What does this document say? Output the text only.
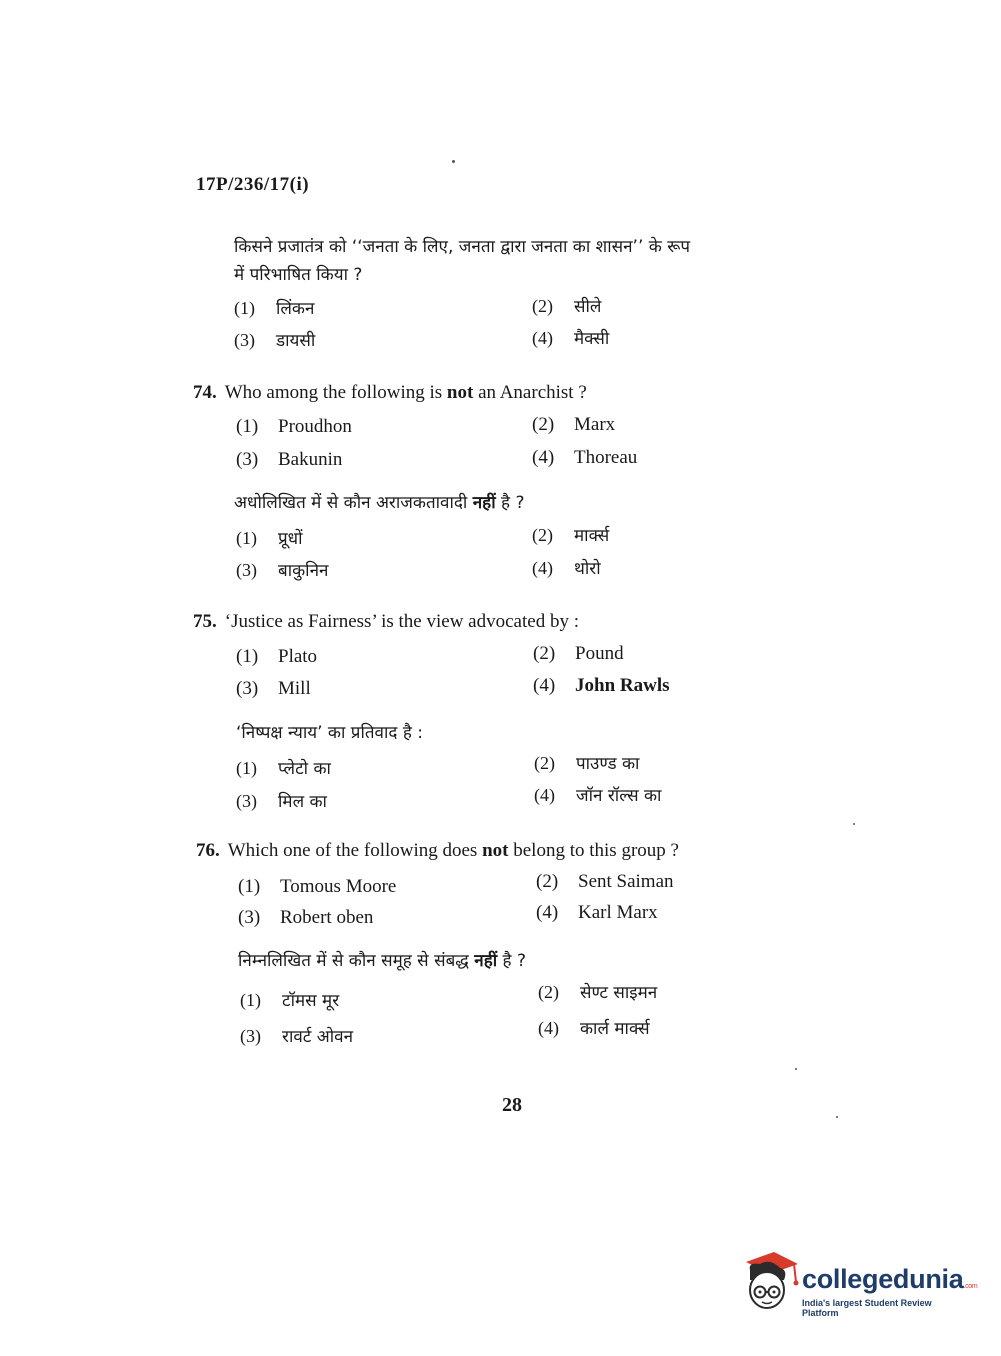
17P/236/17(i)
किसने प्रजातंत्र को ‘‘जनता के लिए, जनता द्वारा जनता का शासन’’ के रूप
में परिभाषित किया ?
(1) लिंकन	(2) सीले
(3) डायसी	(4) मैक्सी
74. Who among the following is not an Anarchist ?
(1) Proudhon	(2) Marx
(3) Bakunin	(4) Thoreau
अधोलिखित में से कौन अराजकतावादी नहीं है ?
(1) प्रूधों	(2) मार्क्स
(3) बाकुनिन	(4) थोरो
75. ‘Justice as Fairness’ is the view advocated by :
(1) Plato	(2) Pound
(3) Mill	(4) John Rawls
‘निष्पक्ष न्याय’ का प्रतिवाद है :
(1) प्लेटो का	(2) पाउण्ड का
(3) मिल का	(4) जॉन रॉल्स का
76. Which one of the following does not belong to this group ?
(1) Tomous Moore	(2) Sent Saiman
(3) Robert oben	(4) Karl Marx
निम्नलिखित में से कौन समूह से संबद्ध नहीं है ?
(1) टॉमस मूर	(2) सेण्ट साइमन
(3) रावर्ट ओवन	(4) कार्ल मार्क्स
28
collegedunia.com
India's largest Student Review Platform
